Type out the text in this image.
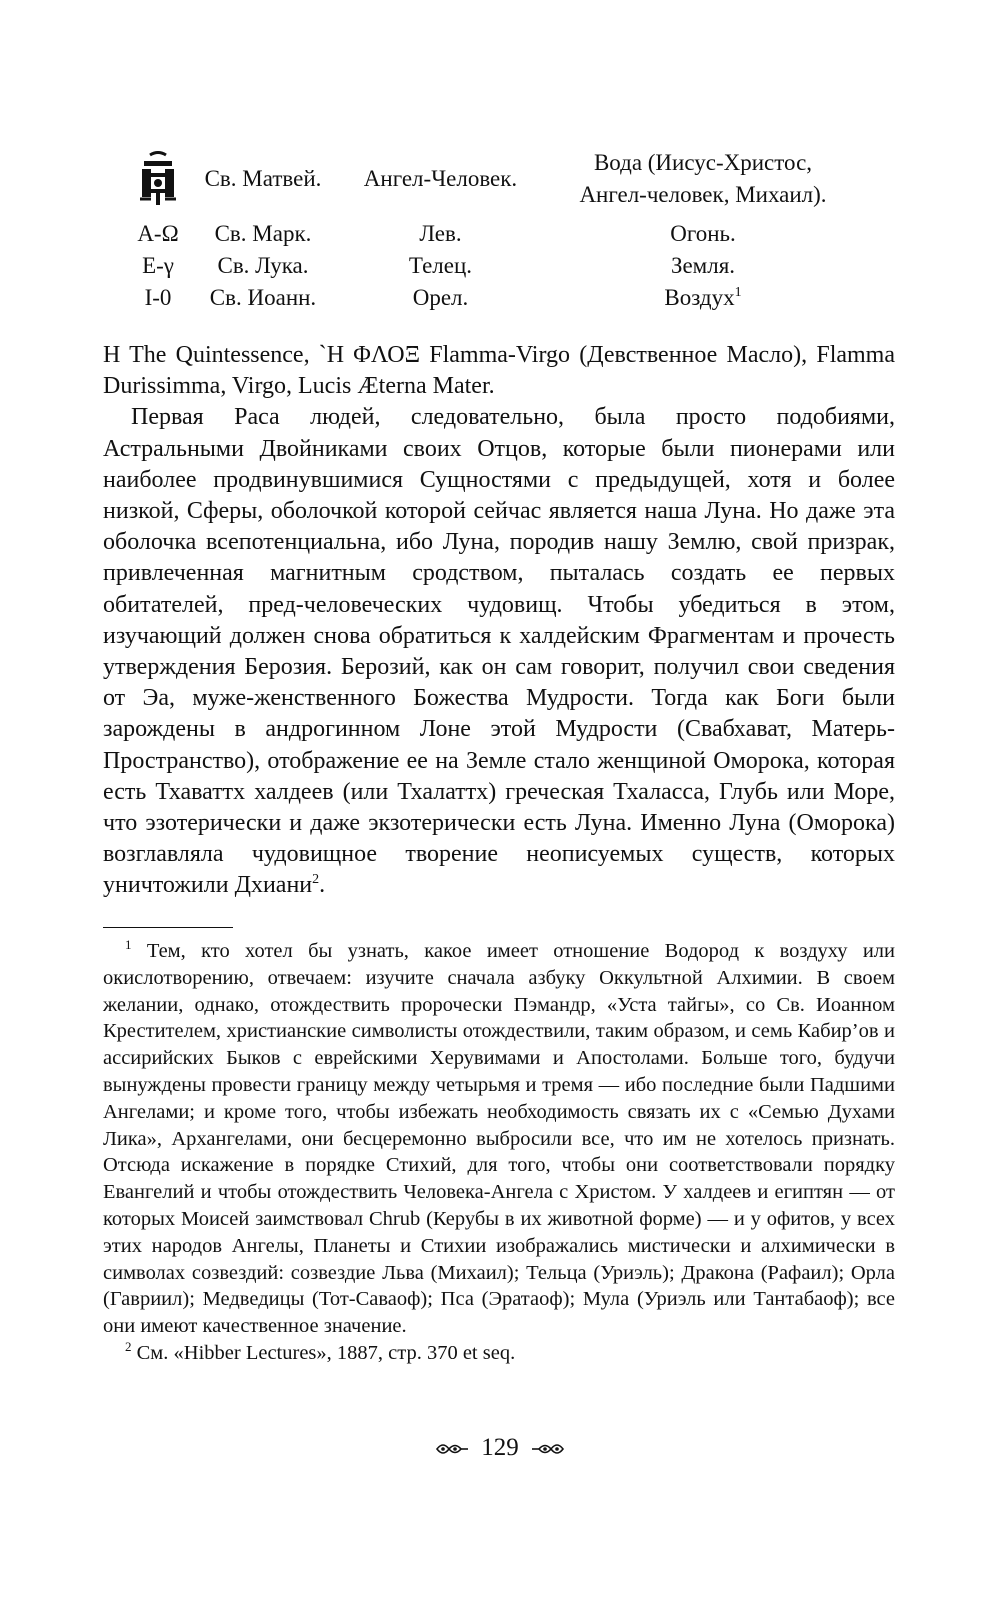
	Св. Матвей.	Ангел-Человек.	Вода (Иисус-Христос,
Ангел-человек, Михаил).

A-Ω	Св. Марк.	Лев.	Огонь.
Е-γ	Св. Лука.	Телец.	Земля.
I-0	Св. Иоанн.	Орел.	Воздух$^1$

H The Quintessence, `H ΦΛΟΞ Flamma-Virgo (Девственное Масло), Flamma Durissimma, Virgo, Lucis Æterna Mater.

Первая Раса людей, следовательно, была просто подобиями, Астральными Двойниками своих Отцов, которые были пионерами или наиболее продвинувшимися Сущностями с предыдущей, хотя и более низкой, Сферы, оболочкой которой сейчас является наша Луна. Но даже эта оболочка всепотенциальна, ибо Луна, породив нашу Землю, свой призрак, привлеченная магнитным сродством, пыталась создать ее первых обитателей, пред-человеческих чудовищ. Чтобы убедиться в этом, изучающий должен снова обратиться к халдейским Фрагментам и прочесть утверждения Берозия. Берозий, как он сам говорит, получил свои сведения от Эа, муже-женственного Божества Мудрости. Тогда как Боги были зарождены в андрогинном Лоне этой Мудрости (Свабхават, Матерь-Пространство), отображение ее на Земле стало женщиной Оморока, которая есть Тхаваттх халдеев (или Тхалаттх) греческая Тхаласса, Глубь или Море, что эзотерически и даже экзотерически есть Луна. Именно Луна (Оморока) возглавляла чудовищное творение неописуемых существ, которых уничтожили Дхиани$^2$.

$^1$ Тем, кто хотел бы узнать, какое имеет отношение Водород к воздуху или окислотворению, отвечаем: изучите сначала азбуку Оккультной Алхимии. В своем желании, однако, отождествить пророчески Пэмандр, «Уста тайгы», со Св. Иоанном Крестителем, христианские символисты отождествили, таким образом, и семь Кабир’ов и ассирийских Быков с еврейскими Херувимами и Апостолами. Больше того, будучи вынуждены провести границу между четырьмя и тремя — ибо последние были Падшими Ангелами; и кроме того, чтобы избежать необходимость связать их с «Семью Духами Лика», Архангелами, они бесцеремонно выбросили все, что им не хотелось признать. Отсюда искажение в порядке Стихий, для того, чтобы они соответствовали порядку Евангелий и чтобы отождествить Человека-Ангела с Христом. У халдеев и египтян — от которых Моисей заимствовал Chrub (Керубы в их животной форме) — и у офитов, у всех этих народов Ангелы, Планеты и Стихии изображались мистически и алхимически в символах созвездий: созвездие Льва (Михаил); Тельца (Уриэль); Дракона (Рафаил); Орла (Гавриил); Медведицы (Тот-Саваоф); Пса (Эратаоф); Мула (Уриэль или Тантабаоф); все они имеют качественное значение.

$^2$ См. «Hibber Lectures», 1887, стр. 370 et seq.

129
